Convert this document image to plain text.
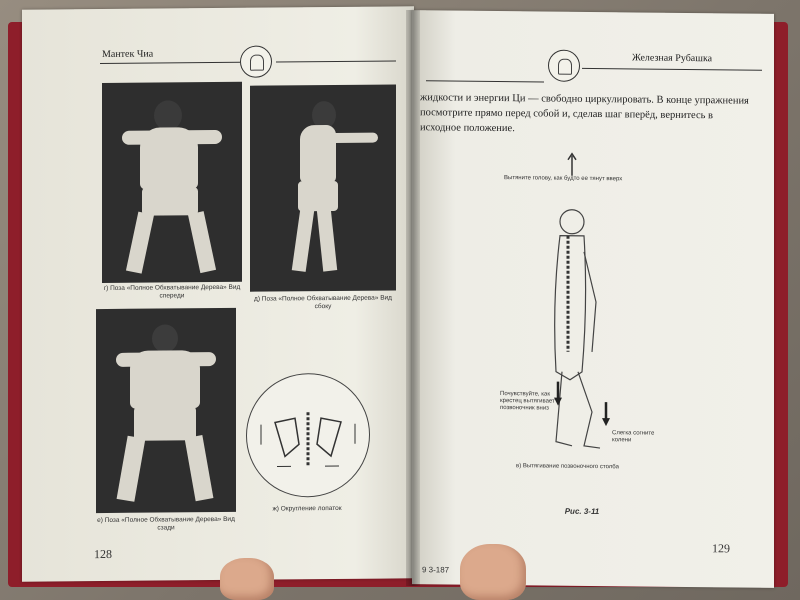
Мантек Чиа
г) Поза «Полное Обхватывание Дерева» Вид спереди	д) Поза «Полное Обхватывание Дерева» Вид сбоку
е) Поза «Полное Обхватывание Дерева» Вид сзади
ж) Округление лопаток
128
Железная Рубашка
жидкости и энергии Ци — свободно циркулировать. В конце упражнения посмотрите прямо перед собой и, сделав шаг вперёд, вернитесь в исходное положение.
Вытяните голову, как будто ее тянут вверх
Почувствуйте, как крестец вытягивает позвоночник вниз
Слегка согните колени
в) Вытягивание позвоночного столба
Рис. 3-11
9 3-187
129
